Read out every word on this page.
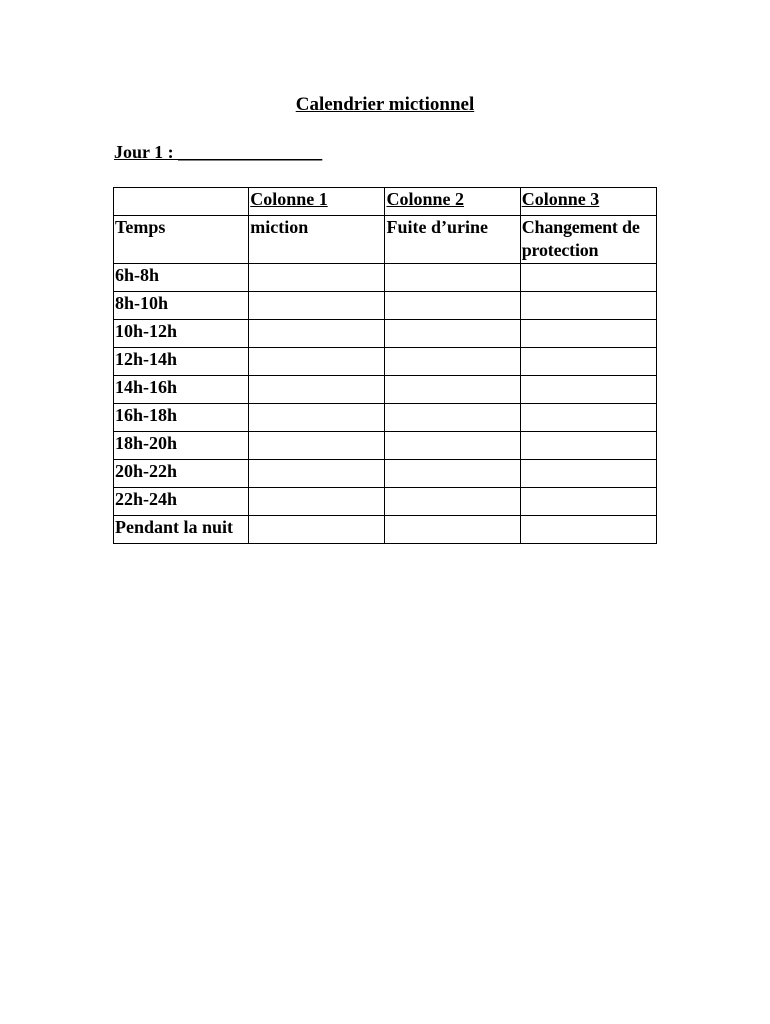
Calendrier mictionnel
Jour 1 : ________________
	Colonne 1	Colonne 2	Colonne 3
Temps	miction	Fuite d’urine	Changement de protection
6h-8h			
8h-10h			
10h-12h			
12h-14h			
14h-16h			
16h-18h			
18h-20h			
20h-22h			
22h-24h			
Pendant la nuit			
